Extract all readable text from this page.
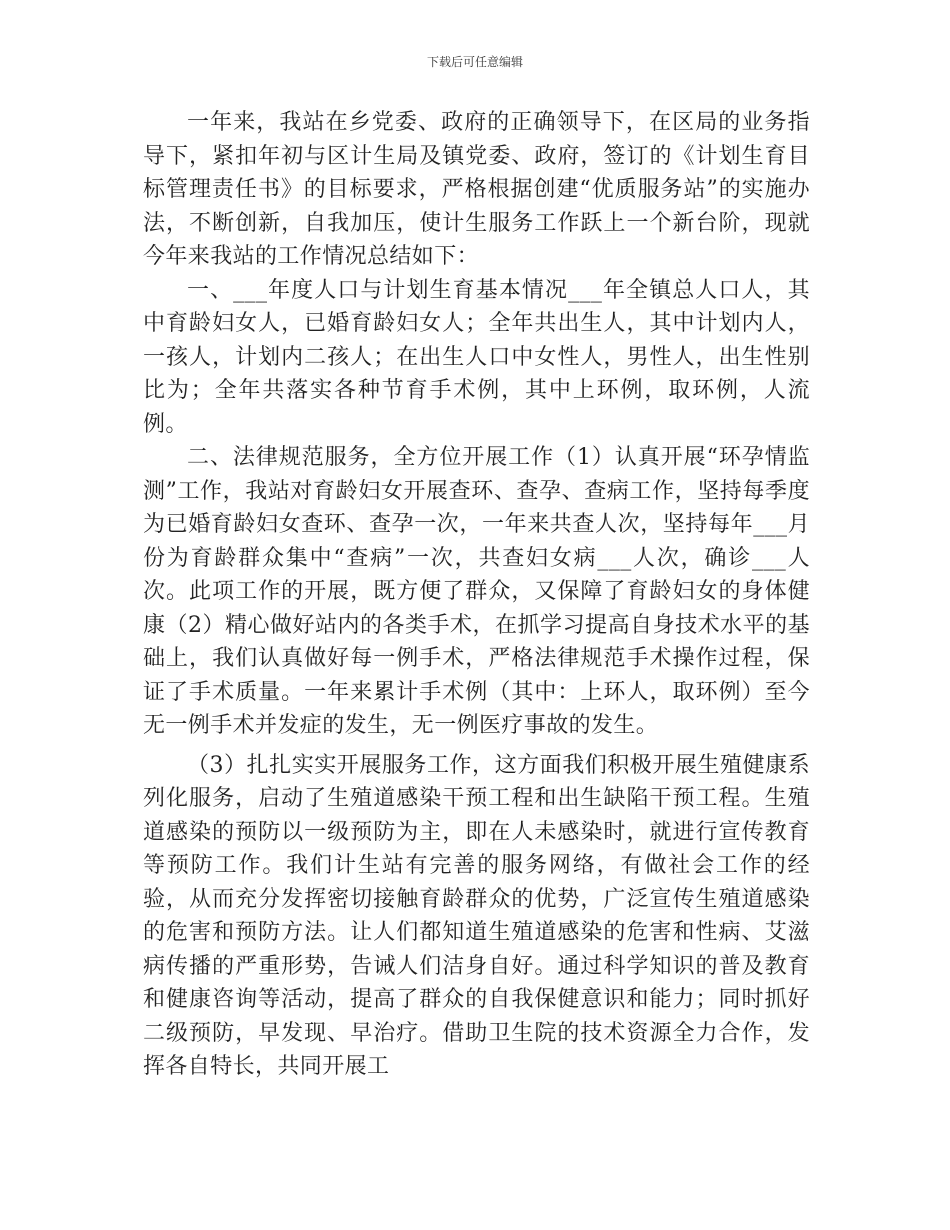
下载后可任意编辑

一年来，我站在乡党委、政府的正确领导下，在区局的业务指导下，紧扣年初与区计生局及镇党委、政府，签订的《计划生育目标管理责任书》的目标要求，严格根据创建“优质服务站”的实施办法，不断创新，自我加压，使计生服务工作跃上一个新台阶，现就今年来我站的工作情况总结如下：

一、___年度人口与计划生育基本情况___年全镇总人口人，其中育龄妇女人，已婚育龄妇女人；全年共出生人，其中计划内人，一孩人，计划内二孩人；在出生人口中女性人，男性人，出生性别比为；全年共落实各种节育手术例，其中上环例，取环例，人流例。

二、法律规范服务，全方位开展工作（1）认真开展“环孕情监测”工作，我站对育龄妇女开展查环、查孕、查病工作，坚持每季度为已婚育龄妇女查环、查孕一次，一年来共查人次，坚持每年___月份为育龄群众集中“查病”一次，共查妇女病___人次，确诊___人次。此项工作的开展，既方便了群众，又保障了育龄妇女的身体健康（2）精心做好站内的各类手术，在抓学习提高自身技术水平的基础上，我们认真做好每一例手术，严格法律规范手术操作过程，保证了手术质量。一年来累计手术例（其中：上环人，取环例）至今无一例手术并发症的发生，无一例医疗事故的发生。

（3）扎扎实实开展服务工作，这方面我们积极开展生殖健康系列化服务，启动了生殖道感染干预工程和出生缺陷干预工程。生殖道感染的预防以一级预防为主，即在人未感染时，就进行宣传教育等预防工作。我们计生站有完善的服务网络，有做社会工作的经验，从而充分发挥密切接触育龄群众的优势，广泛宣传生殖道感染的危害和预防方法。让人们都知道生殖道感染的危害和性病、艾滋病传播的严重形势，告诫人们洁身自好。通过科学知识的普及教育和健康咨询等活动，提高了群众的自我保健意识和能力；同时抓好二级预防，早发现、早治疗。借助卫生院的技术资源全力合作，发挥各自特长，共同开展工
